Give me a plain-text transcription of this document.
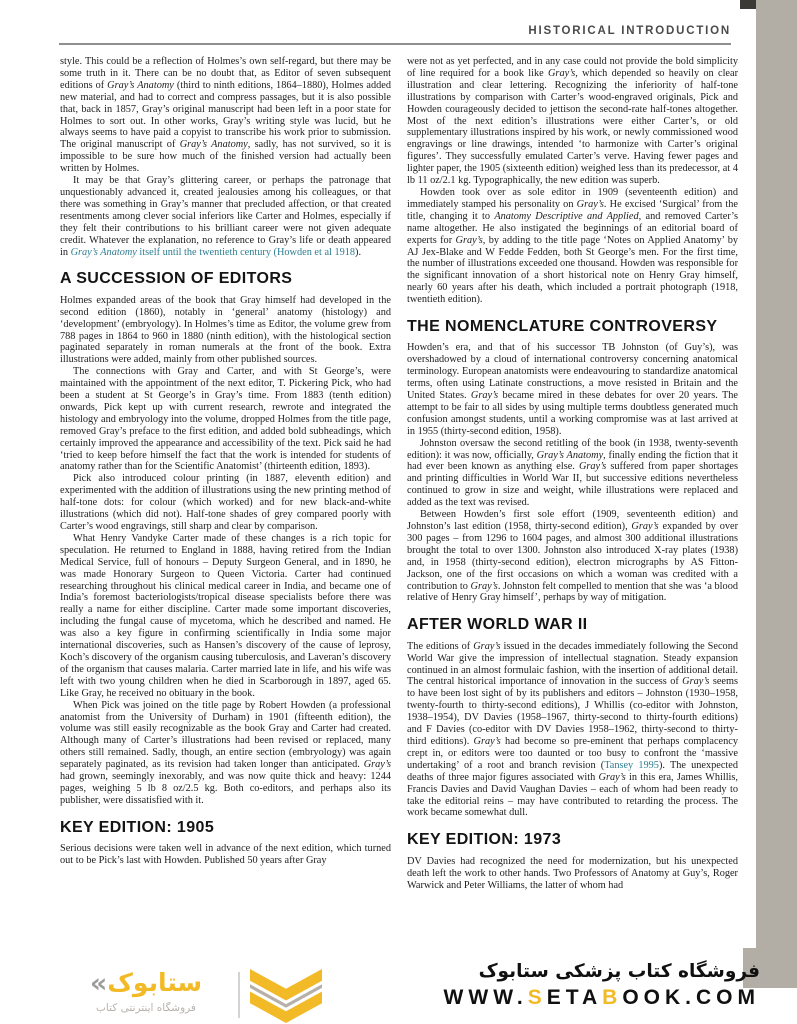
HISTORICAL INTRODUCTION

style. This could be a reflection of Holmes’s own self-regard, but there may be some truth in it. There can be no doubt that, as Editor of seven subsequent editions of Gray’s Anatomy (third to ninth editions, 1864–1880), Holmes added new material, and had to correct and compress passages, but it is also possible that, back in 1857, Gray’s original manuscript had been left in a poor state for Holmes to sort out. In other works, Gray’s writing style was lucid, but he always seems to have paid a copyist to transcribe his work prior to submission. The original manuscript of Gray’s Anatomy, sadly, has not survived, so it is impossible to be sure how much of the finished version had actually been written by Holmes.

It may be that Gray’s glittering career, or perhaps the patronage that unquestionably advanced it, created jealousies among his colleagues, or that there was something in Gray’s manner that precluded affection, or that created resentments among clever social inferiors like Carter and Holmes, especially if they felt their contributions to his brilliant career were not given adequate credit. Whatever the explanation, no reference to Gray’s life or death appeared in Gray’s Anatomy itself until the twentieth century (Howden et al 1918).

A SUCCESSION OF EDITORS

Holmes expanded areas of the book that Gray himself had developed in the second edition (1860), notably in ‘general’ anatomy (histology) and ‘development’ (embryology). In Holmes’s time as Editor, the volume grew from 788 pages in 1864 to 960 in 1880 (ninth edition), with the histological section paginated separately in roman numerals at the front of the book. Extra illustrations were added, mainly from other published sources.

The connections with Gray and Carter, and with St George’s, were maintained with the appointment of the next editor, T. Pickering Pick, who had been a student at St George’s in Gray’s time. From 1883 (tenth edition) onwards, Pick kept up with current research, rewrote and integrated the histology and embryology into the volume, dropped Holmes from the title page, removed Gray’s preface to the first edition, and added bold subheadings, which certainly improved the appearance and accessibility of the text. Pick said he had ‘tried to keep before himself the fact that the work is intended for students of anatomy rather than for the Scientific Anatomist’ (thirteenth edition, 1893).

Pick also introduced colour printing (in 1887, eleventh edition) and experimented with the addition of illustrations using the new printing method of half-tone dots: for colour (which worked) and for new black-and-white illustrations (which did not). Half-tone shades of grey compared poorly with Carter’s wood engravings, still sharp and clear by comparison.

What Henry Vandyke Carter made of these changes is a rich topic for speculation. He returned to England in 1888, having retired from the Indian Medical Service, full of honours – Deputy Surgeon General, and in 1890, he was made Honorary Surgeon to Queen Victoria. Carter had continued researching throughout his clinical medical career in India, and became one of India’s foremost bacteriologists/tropical disease specialists before there was really a name for either discipline. Carter made some important discoveries, including the fungal cause of mycetoma, which he described and named. He was also a key figure in confirming scientifically in India some major international discoveries, such as Hansen’s discovery of the cause of leprosy, Koch’s discovery of the organism causing tuberculosis, and Laveran’s discovery of the organism that causes malaria. Carter married late in life, and his wife was left with two young children when he died in Scarborough in 1897, aged 65. Like Gray, he received no obituary in the book.

When Pick was joined on the title page by Robert Howden (a professional anatomist from the University of Durham) in 1901 (fifteenth edition), the volume was still easily recognizable as the book Gray and Carter had created. Although many of Carter’s illustrations had been revised or replaced, many others still remained. Sadly, though, an entire section (embryology) was again separately paginated, as its revision had taken longer than anticipated. Gray’s had grown, seemingly inexorably, and was now quite thick and heavy: 1244 pages, weighing 5 lb 8 oz/2.5 kg. Both co-editors, and perhaps also its publisher, were dissatisfied with it.

KEY EDITION: 1905

Serious decisions were taken well in advance of the next edition, which turned out to be Pick’s last with Howden. Published 50 years after Gray

were not as yet perfected, and in any case could not provide the bold simplicity of line required for a book like Gray’s, which depended so heavily on clear illustration and clear lettering. Recognizing the inferiority of half-tone illustrations by comparison with Carter’s wood-engraved originals, Pick and Howden courageously decided to jettison the second-rate half-tones altogether. Most of the next edition’s illustrations were either Carter’s, or old supplementary illustrations inspired by his work, or newly commissioned wood engravings or line drawings, intended ‘to harmonize with Carter’s original figures’. They successfully emulated Carter’s verve. Having fewer pages and lighter paper, the 1905 (sixteenth edition) weighed less than its predecessor, at 4 lb 11 oz/2.1 kg. Typographically, the new edition was superb.

Howden took over as sole editor in 1909 (seventeenth edition) and immediately stamped his personality on Gray’s. He excised ‘Surgical’ from the title, changing it to Anatomy Descriptive and Applied, and removed Carter’s name altogether. He also instigated the beginnings of an editorial board of experts for Gray’s, by adding to the title page ‘Notes on Applied Anatomy’ by AJ Jex-Blake and W Fedde Fedden, both St George’s men. For the first time, the number of illustrations exceeded one thousand. Howden was responsible for the significant innovation of a short historical note on Henry Gray himself, nearly 60 years after his death, which included a portrait photograph (1918, twentieth edition).

THE NOMENCLATURE CONTROVERSY

Howden’s era, and that of his successor TB Johnston (of Guy’s), was overshadowed by a cloud of international controversy concerning anatomical terminology. European anatomists were endeavouring to standardize anatomical terms, often using Latinate constructions, a move resisted in Britain and the United States. Gray’s became mired in these debates for over 20 years. The attempt to be fair to all sides by using multiple terms doubtless generated much confusion amongst students, until a working compromise was at last arrived at in 1955 (thirty-second edition, 1958).

Johnston oversaw the second retitling of the book (in 1938, twenty-seventh edition): it was now, officially, Gray’s Anatomy, finally ending the fiction that it had ever been known as anything else. Gray’s suffered from paper shortages and printing difficulties in World War II, but successive editions nevertheless continued to grow in size and weight, while illustrations were replaced and added as the text was revised.

Between Howden’s first sole effort (1909, seventeenth edition) and Johnston’s last edition (1958, thirty-second edition), Gray’s expanded by over 300 pages – from 1296 to 1604 pages, and almost 300 additional illustrations brought the total to over 1300. Johnston also introduced X-ray plates (1938) and, in 1958 (thirty-second edition), electron micrographs by AS Fitton-Jackson, one of the first occasions on which a woman was credited with a contribution to Gray’s. Johnston felt compelled to mention that she was ‘a blood relative of Henry Gray himself’, perhaps by way of mitigation.

AFTER WORLD WAR II

The editions of Gray’s issued in the decades immediately following the Second World War give the impression of intellectual stagnation. Steady expansion continued in an almost formulaic fashion, with the insertion of additional detail. The central historical importance of innovation in the success of Gray’s seems to have been lost sight of by its publishers and editors – Johnston (1930–1958, twenty-fourth to thirty-second editions), J Whillis (co-editor with Johnston, 1938–1954), DV Davies (1958–1967, thirty-second to thirty-fourth editions) and F Davies (co-editor with DV Davies 1958–1962, thirty-second to thirty-third editions). Gray’s had become so pre-eminent that perhaps complacency crept in, or editors were too daunted or too busy to confront the ‘massive undertaking’ of a root and branch revision (Tansey 1995). The unexpected deaths of three major figures associated with Gray’s in this era, James Whillis, Francis Davies and David Vaughan Davies – each of whom had been ready to take the editorial reins – may have contributed to retarding the process. The work became somewhat dull.

KEY EDITION: 1973

DV Davies had recognized the need for modernization, but his unexpected death left the work to other hands. Two Professors of Anatomy at Guy’s, Roger Warwick and Peter Williams, the latter of whom had

«ستابوک
فروشگاه اینترنتی کتاب
فروشگاه کتاب پزشکی ستابوک
WWW.SETABOOK.COM
